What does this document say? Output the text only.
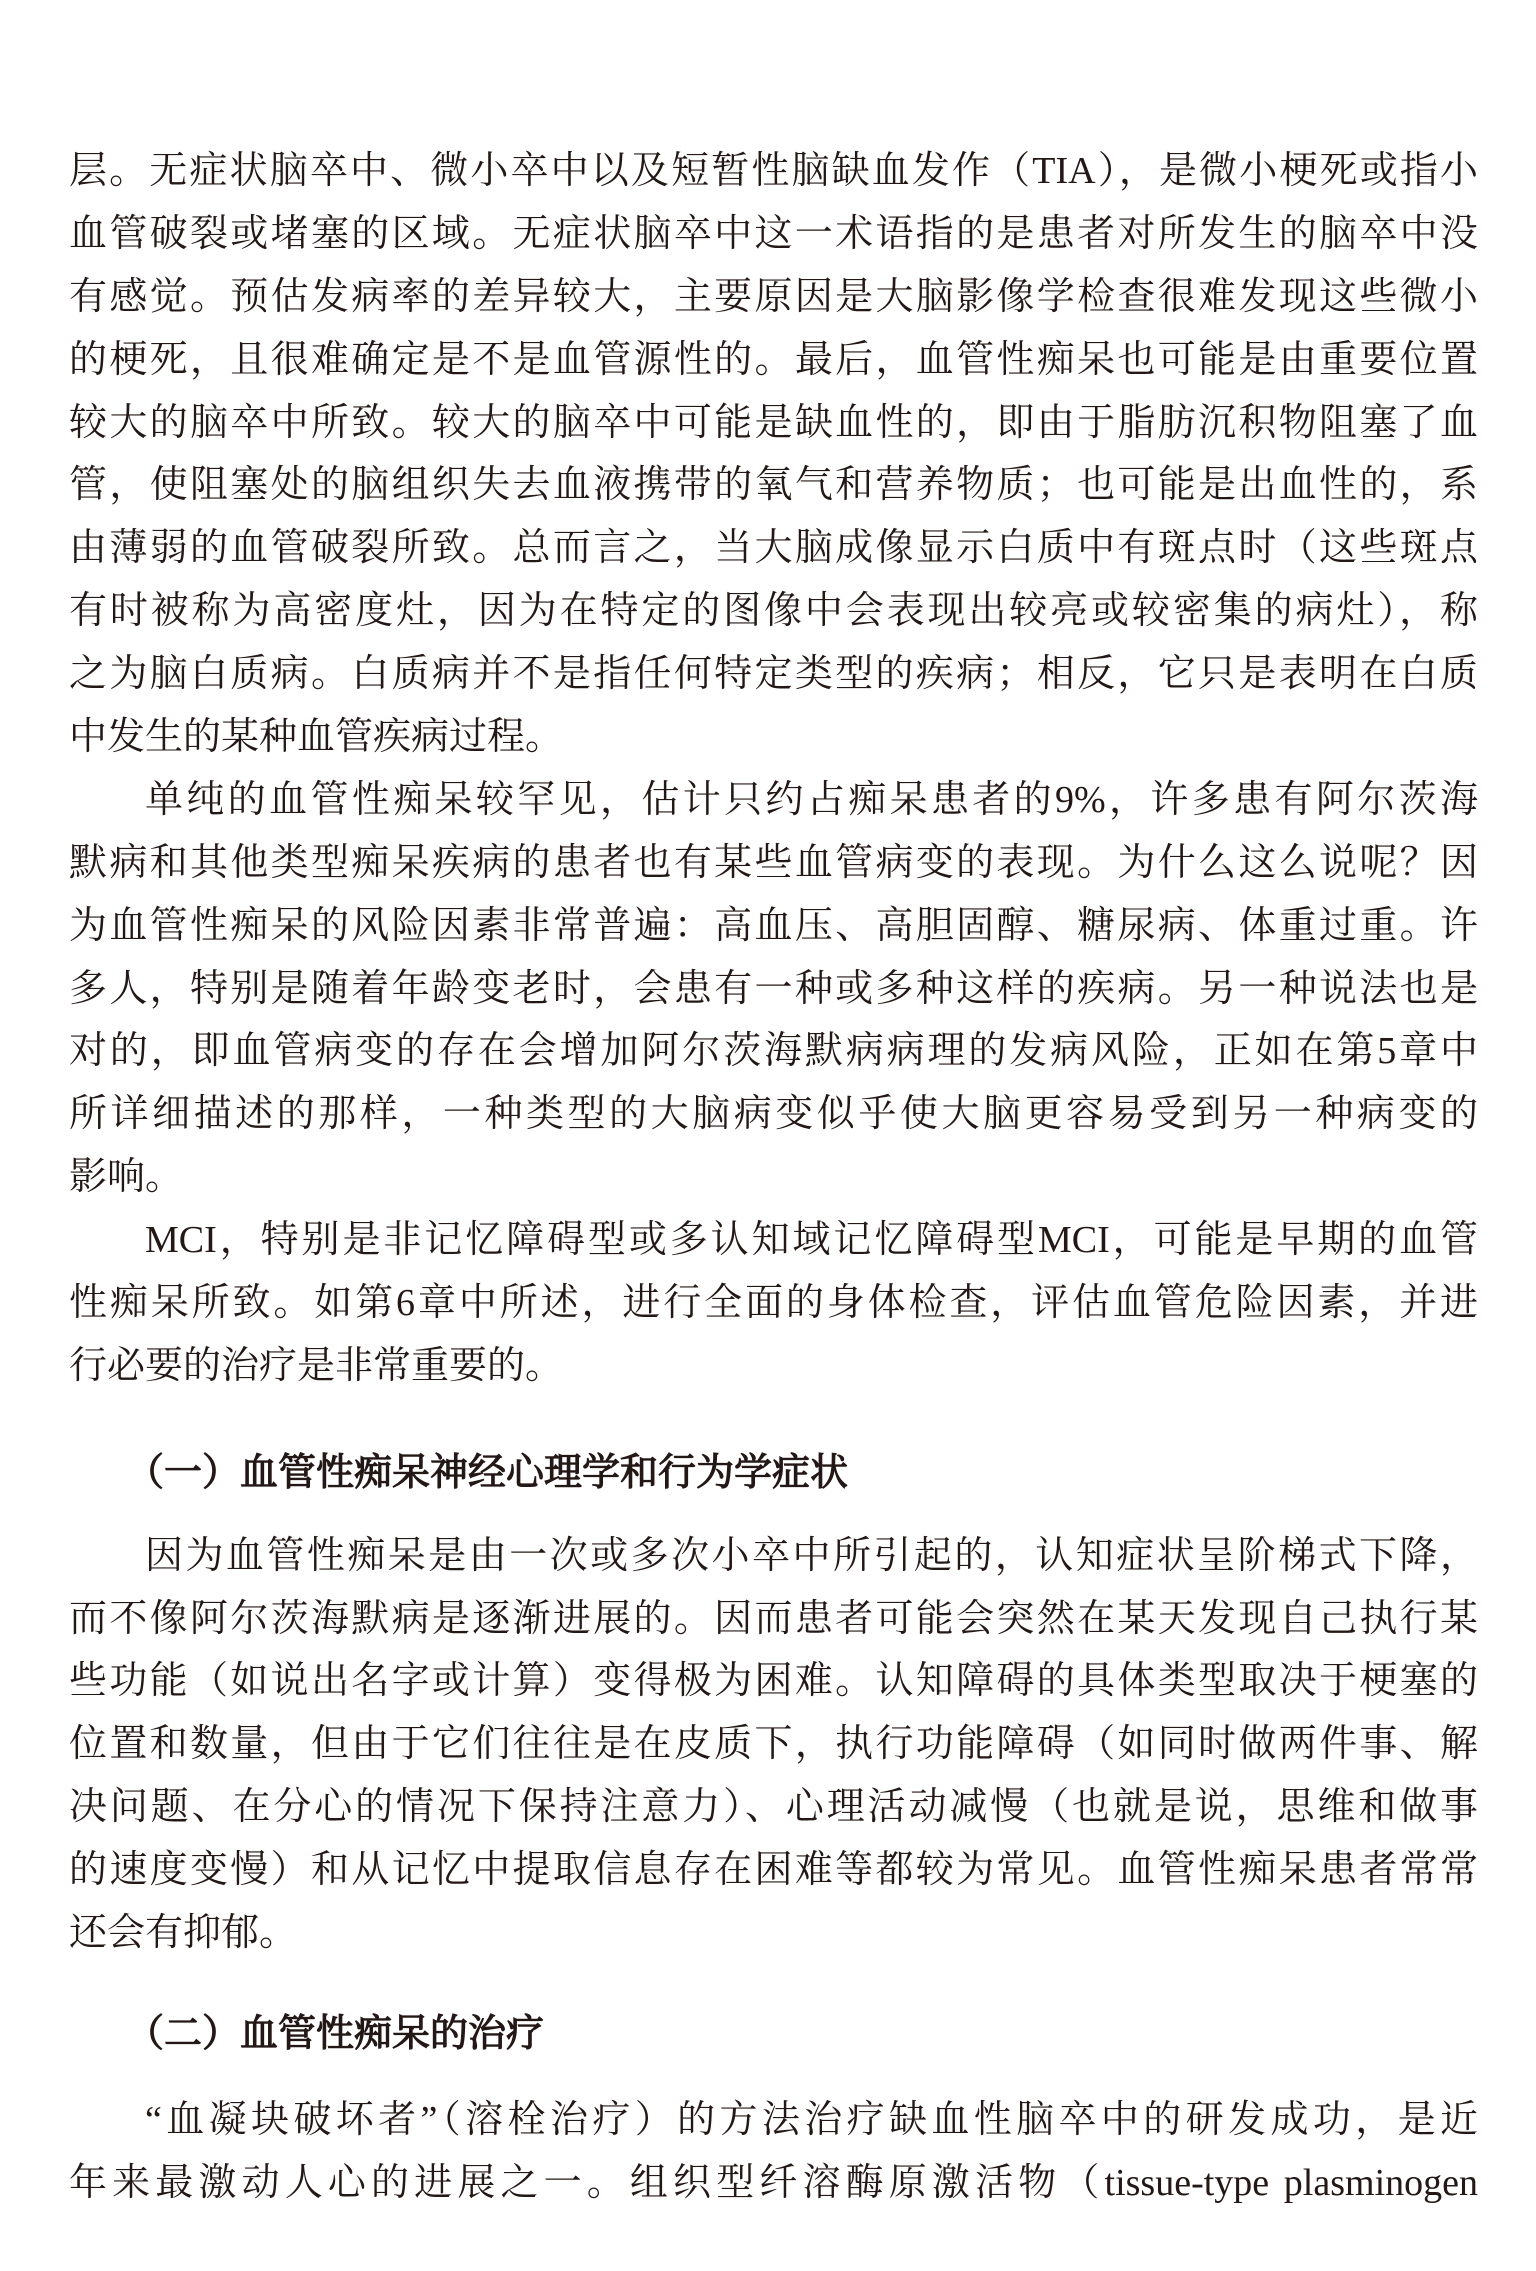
层。无症状脑卒中、微小卒中以及短暂性脑缺血发作（TIA），是微小梗死或指小
血管破裂或堵塞的区域。无症状脑卒中这一术语指的是患者对所发生的脑卒中没
有感觉。预估发病率的差异较大，主要原因是大脑影像学检查很难发现这些微小
的梗死，且很难确定是不是血管源性的。最后，血管性痴呆也可能是由重要位置
较大的脑卒中所致。较大的脑卒中可能是缺血性的，即由于脂肪沉积物阻塞了血
管，使阻塞处的脑组织失去血液携带的氧气和营养物质；也可能是出血性的，系
由薄弱的血管破裂所致。总而言之，当大脑成像显示白质中有斑点时（这些斑点
有时被称为高密度灶，因为在特定的图像中会表现出较亮或较密集的病灶），称
之为脑白质病。白质病并不是指任何特定类型的疾病；相反，它只是表明在白质
中发生的某种血管疾病过程。
单纯的血管性痴呆较罕见，估计只约占痴呆患者的9%，许多患有阿尔茨海
默病和其他类型痴呆疾病的患者也有某些血管病变的表现。为什么这么说呢？因
为血管性痴呆的风险因素非常普遍：高血压、高胆固醇、糖尿病、体重过重。许
多人，特别是随着年龄变老时，会患有一种或多种这样的疾病。另一种说法也是
对的，即血管病变的存在会增加阿尔茨海默病病理的发病风险，正如在第5章中
所详细描述的那样，一种类型的大脑病变似乎使大脑更容易受到另一种病变的
影响。
MCI，特别是非记忆障碍型或多认知域记忆障碍型MCI，可能是早期的血管
性痴呆所致。如第6章中所述，进行全面的身体检查，评估血管危险因素，并进
行必要的治疗是非常重要的。
（一）血管性痴呆神经心理学和行为学症状
因为血管性痴呆是由一次或多次小卒中所引起的，认知症状呈阶梯式下降，
而不像阿尔茨海默病是逐渐进展的。因而患者可能会突然在某天发现自己执行某
些功能（如说出名字或计算）变得极为困难。认知障碍的具体类型取决于梗塞的
位置和数量，但由于它们往往是在皮质下，执行功能障碍（如同时做两件事、解
决问题、在分心的情况下保持注意力）、心理活动减慢（也就是说，思维和做事
的速度变慢）和从记忆中提取信息存在困难等都较为常见。血管性痴呆患者常常
还会有抑郁。
（二）血管性痴呆的治疗
“血凝块破坏者”（溶栓治疗）的方法治疗缺血性脑卒中的研发成功，是近
年来最激动人心的进展之一。组织型纤溶酶原激活物（tissue-type plasminogen
